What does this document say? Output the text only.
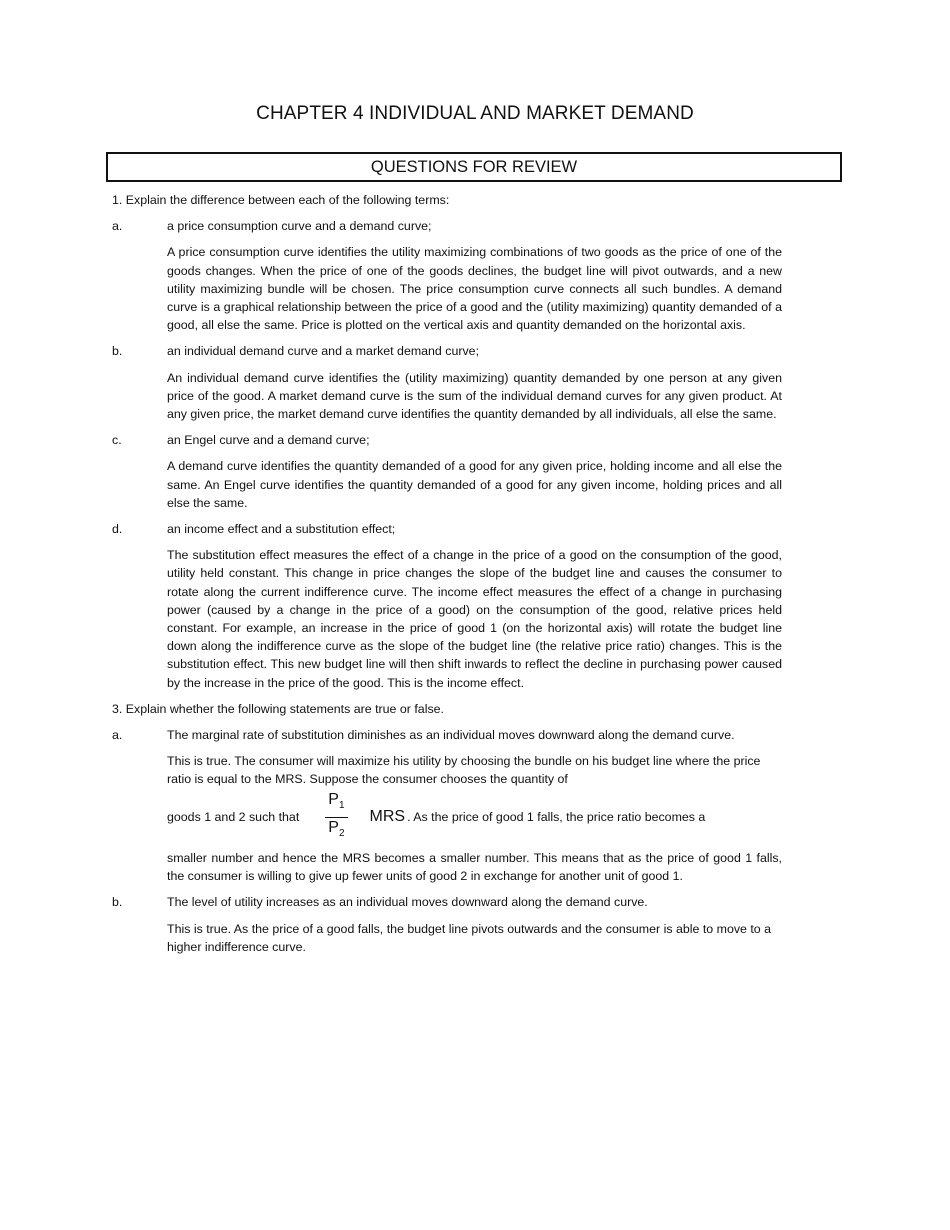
CHAPTER 4 INDIVIDUAL AND MARKET DEMAND
QUESTIONS FOR REVIEW

1. Explain the difference between each of the following terms:

a.	a price consumption curve and a demand curve;

A price consumption curve identifies the utility maximizing combinations of two goods as the price of one of the goods changes. When the price of one of the goods declines, the budget line will pivot outwards, and a new utility maximizing bundle will be chosen. The price consumption curve connects all such bundles. A demand curve is a graphical relationship between the price of a good and the (utility maximizing) quantity demanded of a good, all else the same. Price is plotted on the vertical axis and quantity demanded on the horizontal axis.

b.	an individual demand curve and a market demand curve;

An individual demand curve identifies the (utility maximizing) quantity demanded by one person at any given price of the good. A market demand curve is the sum of the individual demand curves for any given product. At any given price, the market demand curve identifies the quantity demanded by all individuals, all else the same.

c.	an Engel curve and a demand curve;

A demand curve identifies the quantity demanded of a good for any given price, holding income and all else the same. An Engel curve identifies the quantity demanded of a good for any given income, holding prices and all else the same.

d.	an income effect and a substitution effect;

The substitution effect measures the effect of a change in the price of a good on the consumption of the good, utility held constant. This change in price changes the slope of the budget line and causes the consumer to rotate along the current indifference curve. The income effect measures the effect of a change in purchasing power (caused by a change in the price of a good) on the consumption of the good, relative prices held constant. For example, an increase in the price of good 1 (on the horizontal axis) will rotate the budget line down along the indifference curve as the slope of the budget line (the relative price ratio) changes. This is the substitution effect. This new budget line will then shift inwards to reflect the decline in purchasing power caused by the increase in the price of the good. This is the income effect.

3. Explain whether the following statements are true or false.

a.	The marginal rate of substitution diminishes as an individual moves downward along the demand curve.
This is true. The consumer will maximize his utility by choosing the bundle on his budget line where the price ratio is equal to the MRS. Suppose the consumer chooses the quantity of
goods 1 and 2 such that $\frac{P_1}{P_2}$ MRS . As the price of good 1 falls, the price ratio becomes a
smaller number and hence the MRS becomes a smaller number. This means that as the price of good 1 falls, the consumer is willing to give up fewer units of good 2 in exchange for another unit of good 1.
b.	The level of utility increases as an individual moves downward along the demand curve.

This is true. As the price of a good falls, the budget line pivots outwards and the consumer is able to move to a higher indifference curve.
